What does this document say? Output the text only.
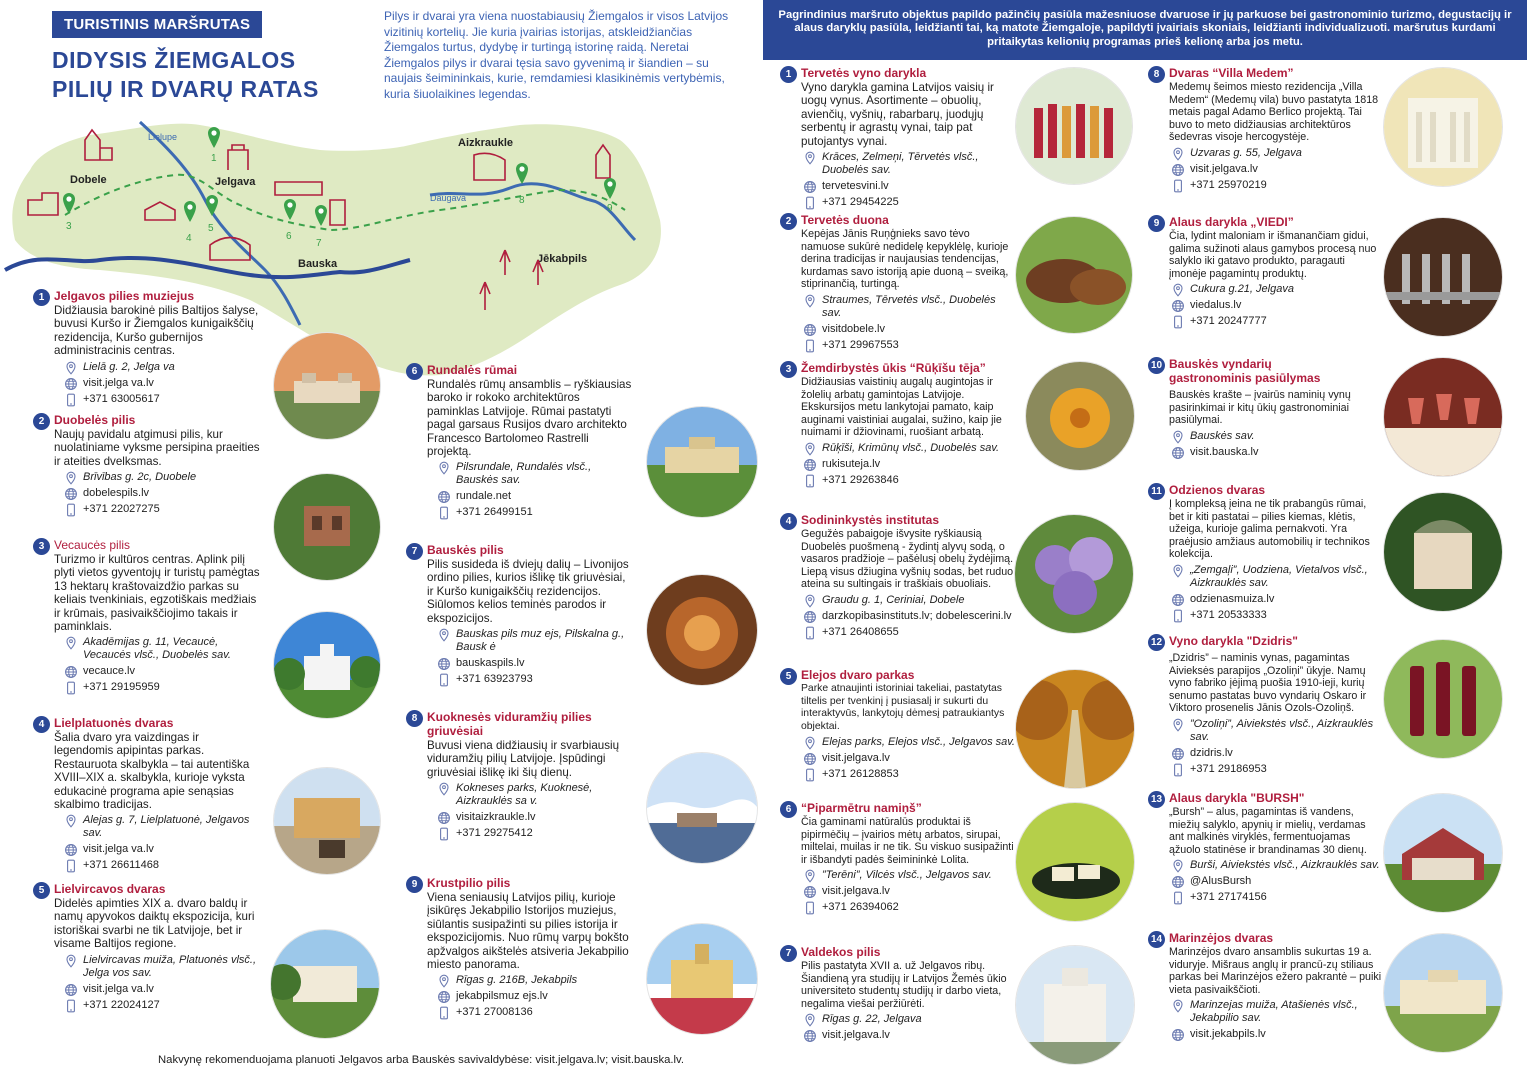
TURISTINIS MARŠRUTAS
DIDYSIS ŽIEMGALOS
PILIŲ IR DVARŲ RATAS
Pilys ir dvarai yra viena nuostabiausių Žiemgalos ir visos Latvijos vizitinių kortelių. Jie kuria įvairias istorijas, atskleidžiančias Žiemgalos turtus, dydybę ir turtingą istorinę raidą. Neretai Žiemgalos pilys ir dvarai tęsia savo gyvenimą ir šiandien – su naujais šeimininkais, kurie, remdamiesi klasikinėmis vertybėmis, kuria šiuolaikines legendas.
Pagrindinius maršruto objektus papildo pažinčių pasiūla mažesniuose dvaruose ir jų parkuose bei gastronominio turizmo, degustacijų ir alaus daryklų pasiūla, leidžianti tai, ką matote Žiemgaloje, papildyti įvairiais skoniais, leidžianti individualizuoti. maršrutus kurdami pritaikytas kelionių programas prieš kelionę arba jos metu.
Lielupe
Daugava
Dobele	Jelgava
Bauska
Aizkraukle
Jēkabpils
1
3
4
5
6
7
8
9
1 Jelgavos pilies muziejus
Didžiausia barokinė pilis Baltijos šalyse, buvusi Kuršo ir Žiemgalos kunigaikščių rezidencija, Kuršo gubernijos administracinis centras.
Lielā g. 2, Jelga va
visit.jelga va.lv
+371 63005617
2 Duobelės pilis
Naujų pavidalu atgimusi pilis, kur nuolatiniame vyksme persipina praeities ir ateities dvelksmas.
Brīvības g. 2c, Duobele
dobelespils.lv
+371 22027275
3 Vecaucės pilis
Turizmo ir kultūros centras. Aplink pilį plyti vietos gyventojų ir turistų pamėgtas 13 hektarų kraštovaizdžio parkas su keliais tvenkiniais, egzotiškais medžiais ir krūmais, pasivaikščiojimo takais ir paminklais.
Akadēmijas g. 11, Vecaucė, Vecaucės vlsč., Duobelės sav.
vecauce.lv
+371 29195959
4 Lielplatuonės dvaras
Šalia dvaro yra vaizdingas ir legendomis apipintas parkas. Restauruota skalbykla – tai autentiška XVIII–XIX a. skalbykla, kurioje vyksta edukacinė programa apie senąsias skalbimo tradicijas.
Alejas g. 7, Lielplatuonė, Jelgavos sav.
visit.jelga va.lv
+371 26611468
5 Lielvircavos dvaras
Didelės apimties XIX a. dvaro baldų ir namų apyvokos daiktų ekspozicija, kuri istoriškai svarbi ne tik Latvijoje, bet ir visame Baltijos regione.
Lielvircavas muiža, Platuonės vlsč., Jelga vos sav.
visit.jelga va.lv
+371 22024127
6 Rundalės rūmai
Rundalės rūmų ansamblis – ryškiausias baroko ir rokoko architektūros paminklas Latvijoje. Rūmai pastatyti pagal garsaus Rusijos dvaro architekto Francesco Bartolomeo Rastrelli projektą.
Pilsrundale, Rundalės vlsč., Bauskės sav.
rundale.net
+371 26499151
7 Bauskės pilis
Pilis susideda iš dviejų dalių – Livonijos ordino pilies, kurios išlikę tik griuvėsiai, ir Kuršo kunigaikščių rezidencijos. Siūlomos kelios teminės parodos ir ekspozicijos.
Bauskas pils muz ejs, Pilskalna g., Bausk ė
bauskaspils.lv
+371 63923793
8 Kuoknesės viduramžių pilies griuvėsiai
Buvusi viena didžiausių ir svarbiausių viduramžių pilių Latvijoje. Įspūdingi griuvėsiai išlikę iki šių dienų.
Kokneses parks, Kuoknesė, Aizkrauklės sa v.
visitaizkraukle.lv
+371 29275412
9 Krustpilio pilis
Viena seniausių Latvijos pilių, kurioje įsikūręs Jekabpilio Istorijos muziejus, siūlantis susipažinti su pilies istorija ir ekspozicijomis. Nuo rūmų varpų bokšto apžvalgos aikštelės atsiveria Jekabpilio miesto panorama.
Rīgas g. 216B, Jekabpils
jekabpilsmuz ejs.lv
+371 27008136
1 Tervetės vyno darykla
Vyno darykla gamina Latvijos vaisių ir uogų vynus. Asortimente – obuolių, avienčių, vyšnių, rabarbarų, juodųjų serbentų ir agrastų vynai, taip pat putojantys vynai.
Krāces, Zelmeņi, Tērvetės vlsč., Duobelės sav.
tervetesvini.lv
+371 29454225
2 Tervetės duona
Kepėjas Jānis Ruņģnieks savo tėvo namuose sukūrė nedidelę kepyklėlę, kurioje derina tradicijas ir naujausias tendencijas, kurdamas savo istoriją apie duoną – sveiką, stiprinančią, turtingą.
Straumes, Tērvetės vlsč., Duobelės sav.
visitdobele.lv
+371 29967553
3 Žemdirbystės ūkis “Rūķīšu tēja”
Didžiausias vaistinių augalų augintojas ir žolelių arbatų gamintojas Latvijoje. Ekskursijos metu lankytojai pamato, kaip auginami vaistiniai augalai, sužino, kaip jie nuimami ir džiovinami, ruošiant arbatą.
Rūķīši, Krimūnų vlsč., Duobelės sav.
rukisuteja.lv
+371 29263846
4 Sodininkystės institutas
Gegužės pabaigoje išvysite ryškiausią Duobelės puošmeną - žydintį alyvų sodą, o vasaros pradžioje – pašėlusį obelų žydėjimą. Liepą visus džiugina vyšnių sodas, bet ruduo ateina su sultingais ir traškiais obuoliais.
Graudu g. 1, Ceriniai, Dobele
darzkopibasinstituts.lv; dobelescerini.lv
+371 26408655
5 Elejos dvaro parkas
Parke atnaujinti istoriniai takeliai, pastatytas tiltelis per tvenkinį į pusiasalį ir sukurti du interaktyvūs, lankytojų dėmesį patraukiantys objektai.
Elejas parks, Elejos vlsč., Jelgavos sav.
visit.jelgava.lv
+371 26128853
6 “Piparmētru namiņš”
Čia gaminami natūralūs produktai iš pipirmėčių – įvairios mėtų arbatos, sirupai, miltelai, muilas ir ne tik. Su viskuo susipažinti ir išbandyti padės šeimininkė Lolita.
”Terēni”, Vilcės vlsč., Jelgavos sav.
visit.jelgava.lv
+371 26394062
7 Valdekos pilis
Pilis pastatyta XVII a. už Jelgavos ribų. Šiandieną yra studijų ir Latvijos Žemės ūkio universiteto studentų studijų ir darbo vieta, negalima viešai peržiūrėti.
Rīgas g. 22, Jelgava
visit.jelgava.lv
8 Dvaras “Villa Medem”
Medemų šeimos miesto rezidencija „Villa Medem“ (Medemų vila) buvo pastatyta 1818 metais pagal Adamo Berlico projektą. Tai buvo to meto didžiausias architektūros šedevras visoje hercogystėje.
Uzvaras g. 55, Jelgava
visit.jelgava.lv
+371 25970219
9 Alaus darykla „VIEDI”
Čia, lydint maloniam ir išmanančiam gidui, galima sužinoti alaus gamybos procesą nuo salyklo iki gatavo produkto, paragauti įmonėje pagamintų produktų.
Cukura g.21, Jelgava
viedalus.lv
+371 20247777
10 Bauskės vyndarių gastronominis pasiūlymas
Bauskės krašte – įvairūs naminių vynų pasirinkimai ir kitų ūkių gastronominiai pasiūlymai.
Bauskės sav.
visit.bauska.lv
11 Odzienos dvaras
Į kompleksą įeina ne tik prabangūs rūmai, bet ir kiti pastatai – pilies kiemas, klėtis, užeiga, kurioje galima pernakvoti. Yra praėjusio amžiaus automobilių ir technikos kolekcija.
„Zemgaļi”, Uodziena, Vietalvos vlsč., Aizkrauklės sav.
odzienasmuiza.lv
+371 20533333
12 Vyno darykla "Dzidris"
„Dzidris” – naminis vynas, pagamintas Aivieksės parapijos „Ozoliņi” ūkyje. Namų vyno fabriko įėjimą puošia 1910-ieji, kurių senumo pastatas buvo vyndarių Oskaro ir Viktoro prosenelis Jānis Ozols-Ozoliņš.
”Ozoliņi”, Aiviekstės vlsč., Aizkrauklės sav.
dzidris.lv
+371 29186953
13 Alaus darykla "BURSH"
„Bursh” – alus, pagamintas iš vandens, miežių salyklo, apynių ir mielių, verdamas ant malkinės viryklės, fermentuojamas ąžuolo statinėse ir brandinamas 30 dienų.
Burši, Aiviekstės vlsč., Aizkrauklės sav.
@AlusBursh
+371 27174156
14 Marinzėjos dvaras
Marinzėjos dvaro ansamblis sukurtas 19 a. viduryje. Mišraus anglų ir prancū-zų stiliaus parkas bei Marinzėjos ežero pakrantė – puiki vieta pasivaikščioti.
Marinzejas muiža, Atašienės vlsč., Jekabpilio sav.
visit.jekabpils.lv
Nakvynę rekomenduojama planuoti Jelgavos arba Bauskės savivaldybėse: visit.jelgava.lv; visit.bauska.lv.
